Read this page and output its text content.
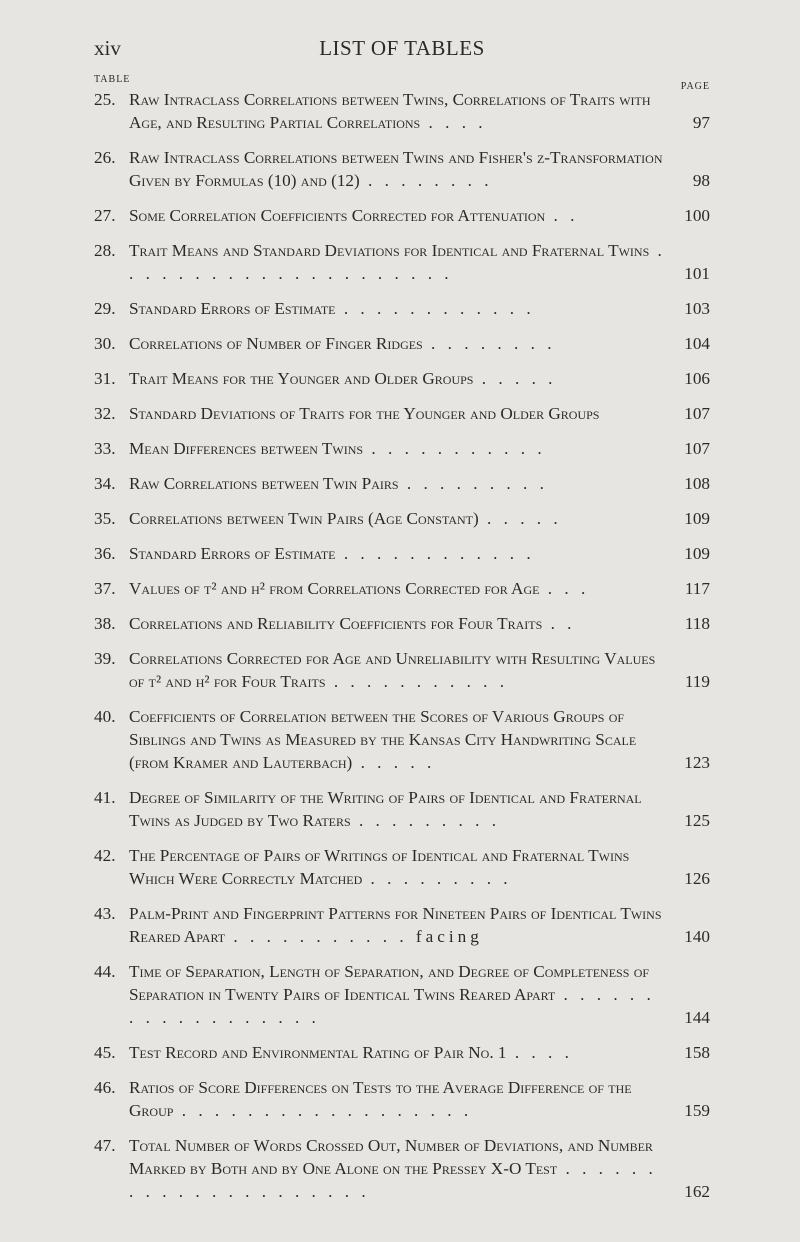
xiv	LIST OF TABLES
TABLE
PAGE
25. Raw Intraclass Correlations between Twins, Correlations of Traits with Age, and Resulting Partial Correlations . . . .	97
26. Raw Intraclass Correlations between Twins and Fisher's z-Transformation Given by Formulas (10) and (12) . . . . . . . .	98
27. Some Correlation Coefficients Corrected for Attenuation . .	100
28. Trait Means and Standard Deviations for Identical and Fraternal Twins . . . . . . . . . . . . . . . . . . . . .	101
29. Standard Errors of Estimate . . . . . . . . . . . .	103
30. Correlations of Number of Finger Ridges . . . . . . . .	104
31. Trait Means for the Younger and Older Groups . . . . .	106
32. Standard Deviations of Traits for the Younger and Older Groups	107
33. Mean Differences between Twins . . . . . . . . . . .	107
34. Raw Correlations between Twin Pairs . . . . . . . . .	108
35. Correlations between Twin Pairs (Age Constant) . . . . .	109
36. Standard Errors of Estimate . . . . . . . . . . . .	109
37. Values of t² and h² from Correlations Corrected for Age . . .	117
38. Correlations and Reliability Coefficients for Four Traits . .	118
39. Correlations Corrected for Age and Unreliability with Resulting Values of t² and h² for Four Traits . . . . . . . . . . .	119
40. Coefficients of Correlation between the Scores of Various Groups of Siblings and Twins as Measured by the Kansas City Handwriting Scale (from Kramer and Lauterbach) . . . . .	123
41. Degree of Similarity of the Writing of Pairs of Identical and Fraternal Twins as Judged by Two Raters . . . . . . . . .	125
42. The Percentage of Pairs of Writings of Identical and Fraternal Twins Which Were Correctly Matched . . . . . . . . .	126
43. Palm-Print and Fingerprint Patterns for Nineteen Pairs of Identical Twins Reared Apart . . . . . . . . . . . facing	140
44. Time of Separation, Length of Separation, and Degree of Completeness of Separation in Twenty Pairs of Identical Twins Reared Apart . . . . . . . . . . . . . . . . . .	144
45. Test Record and Environmental Rating of Pair No. 1 . . . .	158
46. Ratios of Score Differences on Tests to the Average Difference of the Group . . . . . . . . . . . . . . . . . .	159
47. Total Number of Words Crossed Out, Number of Deviations, and Number Marked by Both and by One Alone on the Pressey X-O Test . . . . . . . . . . . . . . . . . . . . .	162
